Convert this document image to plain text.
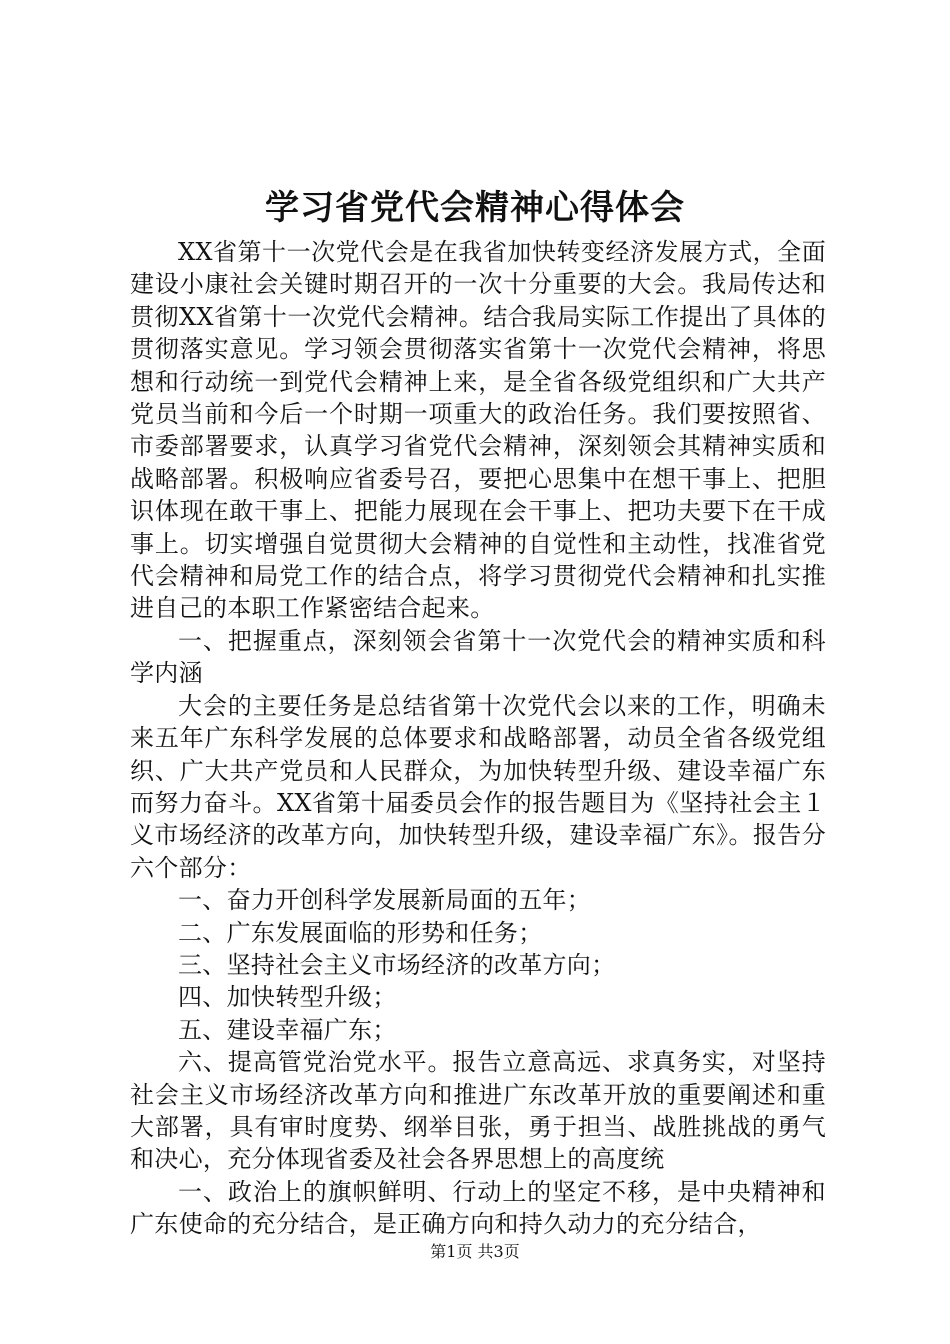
学习省党代会精神心得体会

XX省第十一次党代会是在我省加快转变经济发展方式，全面建设小康社会关键时期召开的一次十分重要的大会。我局传达和贯彻XX省第十一次党代会精神。结合我局实际工作提出了具体的贯彻落实意见。学习领会贯彻落实省第十一次党代会精神，将思想和行动统一到党代会精神上来，是全省各级党组织和广大共产党员当前和今后一个时期一项重大的政治任务。我们要按照省、市委部署要求，认真学习省党代会精神，深刻领会其精神实质和战略部署。积极响应省委号召，要把心思集中在想干事上、把胆识体现在敢干事上、把能力展现在会干事上、把功夫要下在干成事上。切实增强自觉贯彻大会精神的自觉性和主动性，找准省党代会精神和局党工作的结合点，将学习贯彻党代会精神和扎实推进自己的本职工作紧密结合起来。

一、把握重点，深刻领会省第十一次党代会的精神实质和科学内涵

大会的主要任务是总结省第十次党代会以来的工作，明确未来五年广东科学发展的总体要求和战略部署，动员全省各级党组织、广大共产党员和人民群众，为加快转型升级、建设幸福广东而努力奋斗。XX省第十届委员会作的报告题目为《坚持社会主１义市场经济的改革方向，加快转型升级，建设幸福广东》。报告分六个部分：

一、奋力开创科学发展新局面的五年；

二、广东发展面临的形势和任务；

三、坚持社会主义市场经济的改革方向；

四、加快转型升级；

五、建设幸福广东；

六、提高管党治党水平。报告立意高远、求真务实，对坚持社会主义市场经济改革方向和推进广东改革开放的重要阐述和重大部署，具有审时度势、纲举目张，勇于担当、战胜挑战的勇气和决心，充分体现省委及社会各界思想上的高度统

一、政治上的旗帜鲜明、行动上的坚定不移，是中央精神和广东使命的充分结合，是正确方向和持久动力的充分结合，

第1页 共3页
